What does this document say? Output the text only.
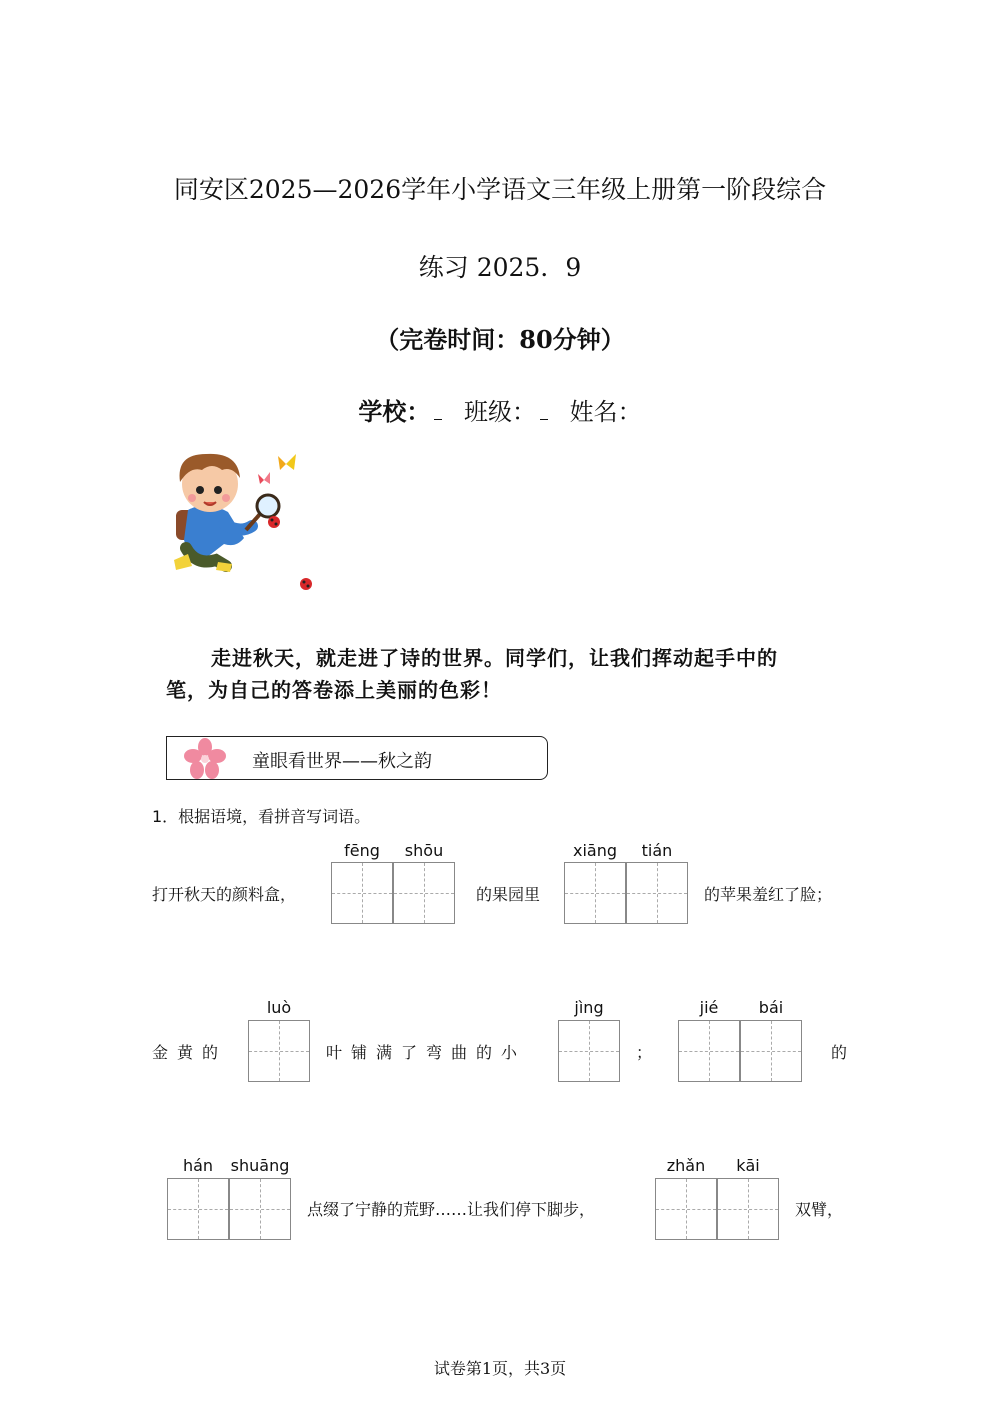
同安区2025—2026学年小学语文三年级上册第一阶段综合
练习 2025．9
（完卷时间：80分钟）
学校： 班级： 姓名：
走进秋天，就走进了诗的世界。同学们，让我们挥动起手中的
笔，为自己的答卷添上美丽的色彩！
童眼看世界——秋之韵
1．根据语境，看拼音写词语。
fēng	shōu	xiāng	tián
打开秋天的颜料盒，	的果园里	的苹果羞红了脸；
luò	jìng	jié	bái
金黄的	叶铺满了弯曲的小	；	的
hán	shuāng	zhǎn	kāi
点缀了宁静的荒野……让我们停下脚步，	双臂，
试卷第1页，共3页
